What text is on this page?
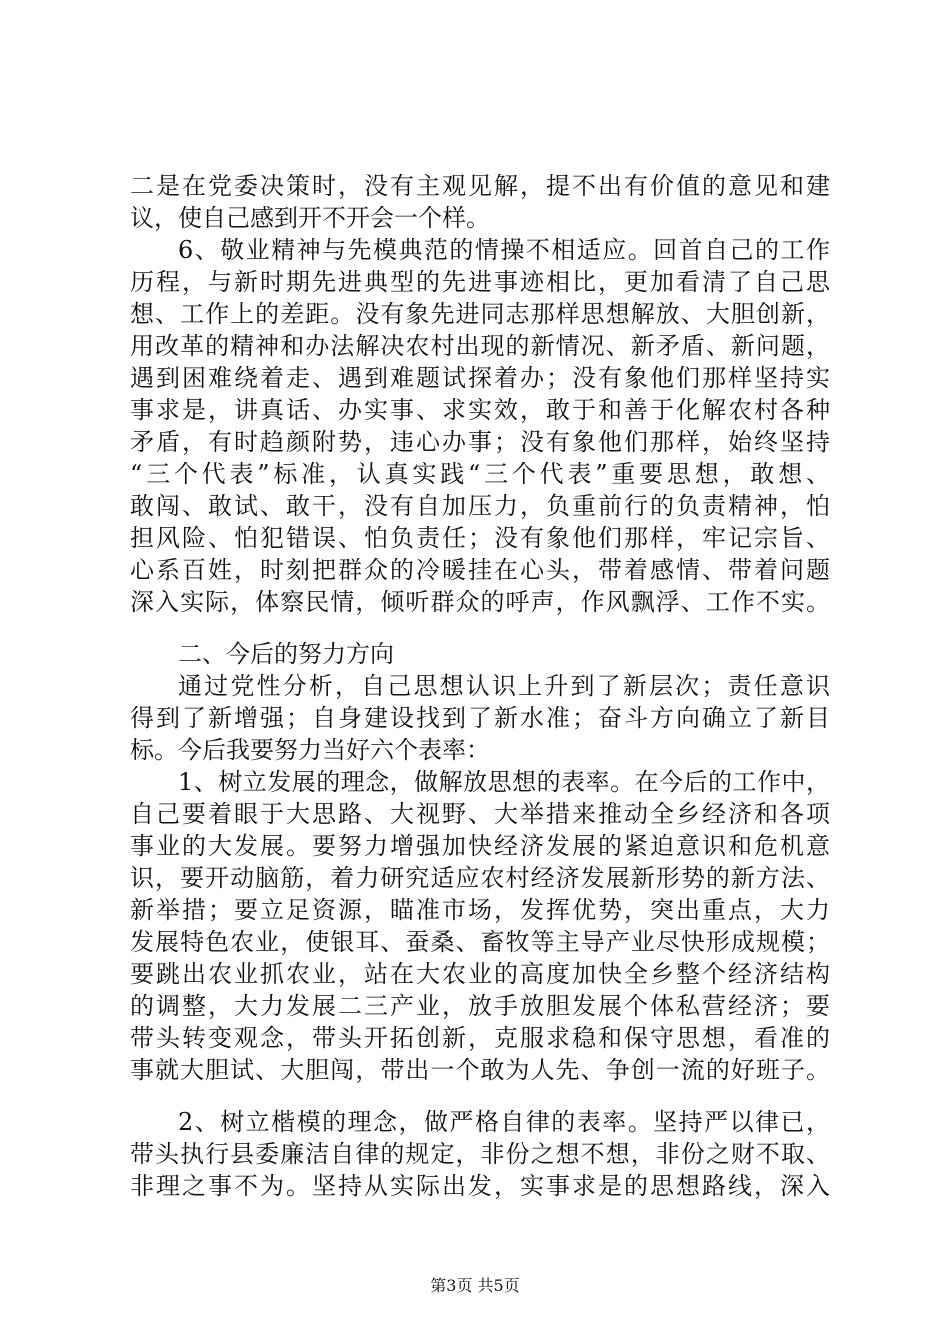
二是在党委决策时，没有主观见解，提不出有价值的意见和建
议，使自己感到开不开会一个样。
6、敬业精神与先模典范的情操不相适应。回首自己的工作
历程，与新时期先进典型的先进事迹相比，更加看清了自己思
想、工作上的差距。没有象先进同志那样思想解放、大胆创新，
用改革的精神和办法解决农村出现的新情况、新矛盾、新问题，
遇到困难绕着走、遇到难题试探着办；没有象他们那样坚持实
事求是，讲真话、办实事、求实效，敢于和善于化解农村各种
矛盾，有时趋颜附势，违心办事；没有象他们那样，始终坚持
“三个代表”标准，认真实践“三个代表”重要思想，敢想、
敢闯、敢试、敢干，没有自加压力，负重前行的负责精神，怕
担风险、怕犯错误、怕负责任；没有象他们那样，牢记宗旨、
心系百姓，时刻把群众的冷暖挂在心头，带着感情、带着问题
深入实际，体察民情，倾听群众的呼声，作风飘浮、工作不实。
二、今后的努力方向
通过党性分析，自己思想认识上升到了新层次；责任意识
得到了新增强；自身建设找到了新水准；奋斗方向确立了新目
标。今后我要努力当好六个表率：
1、树立发展的理念，做解放思想的表率。在今后的工作中，
自己要着眼于大思路、大视野、大举措来推动全乡经济和各项
事业的大发展。要努力增强加快经济发展的紧迫意识和危机意
识，要开动脑筋，着力研究适应农村经济发展新形势的新方法、
新举措；要立足资源，瞄准市场，发挥优势，突出重点，大力
发展特色农业，使银耳、蚕桑、畜牧等主导产业尽快形成规模；
要跳出农业抓农业，站在大农业的高度加快全乡整个经济结构
的调整，大力发展二三产业，放手放胆发展个体私营经济；要
带头转变观念，带头开拓创新，克服求稳和保守思想，看准的
事就大胆试、大胆闯，带出一个敢为人先、争创一流的好班子。
2、树立楷模的理念，做严格自律的表率。坚持严以律已，
带头执行县委廉洁自律的规定，非份之想不想，非份之财不取、
非理之事不为。坚持从实际出发，实事求是的思想路线，深入
第3页 共5页
